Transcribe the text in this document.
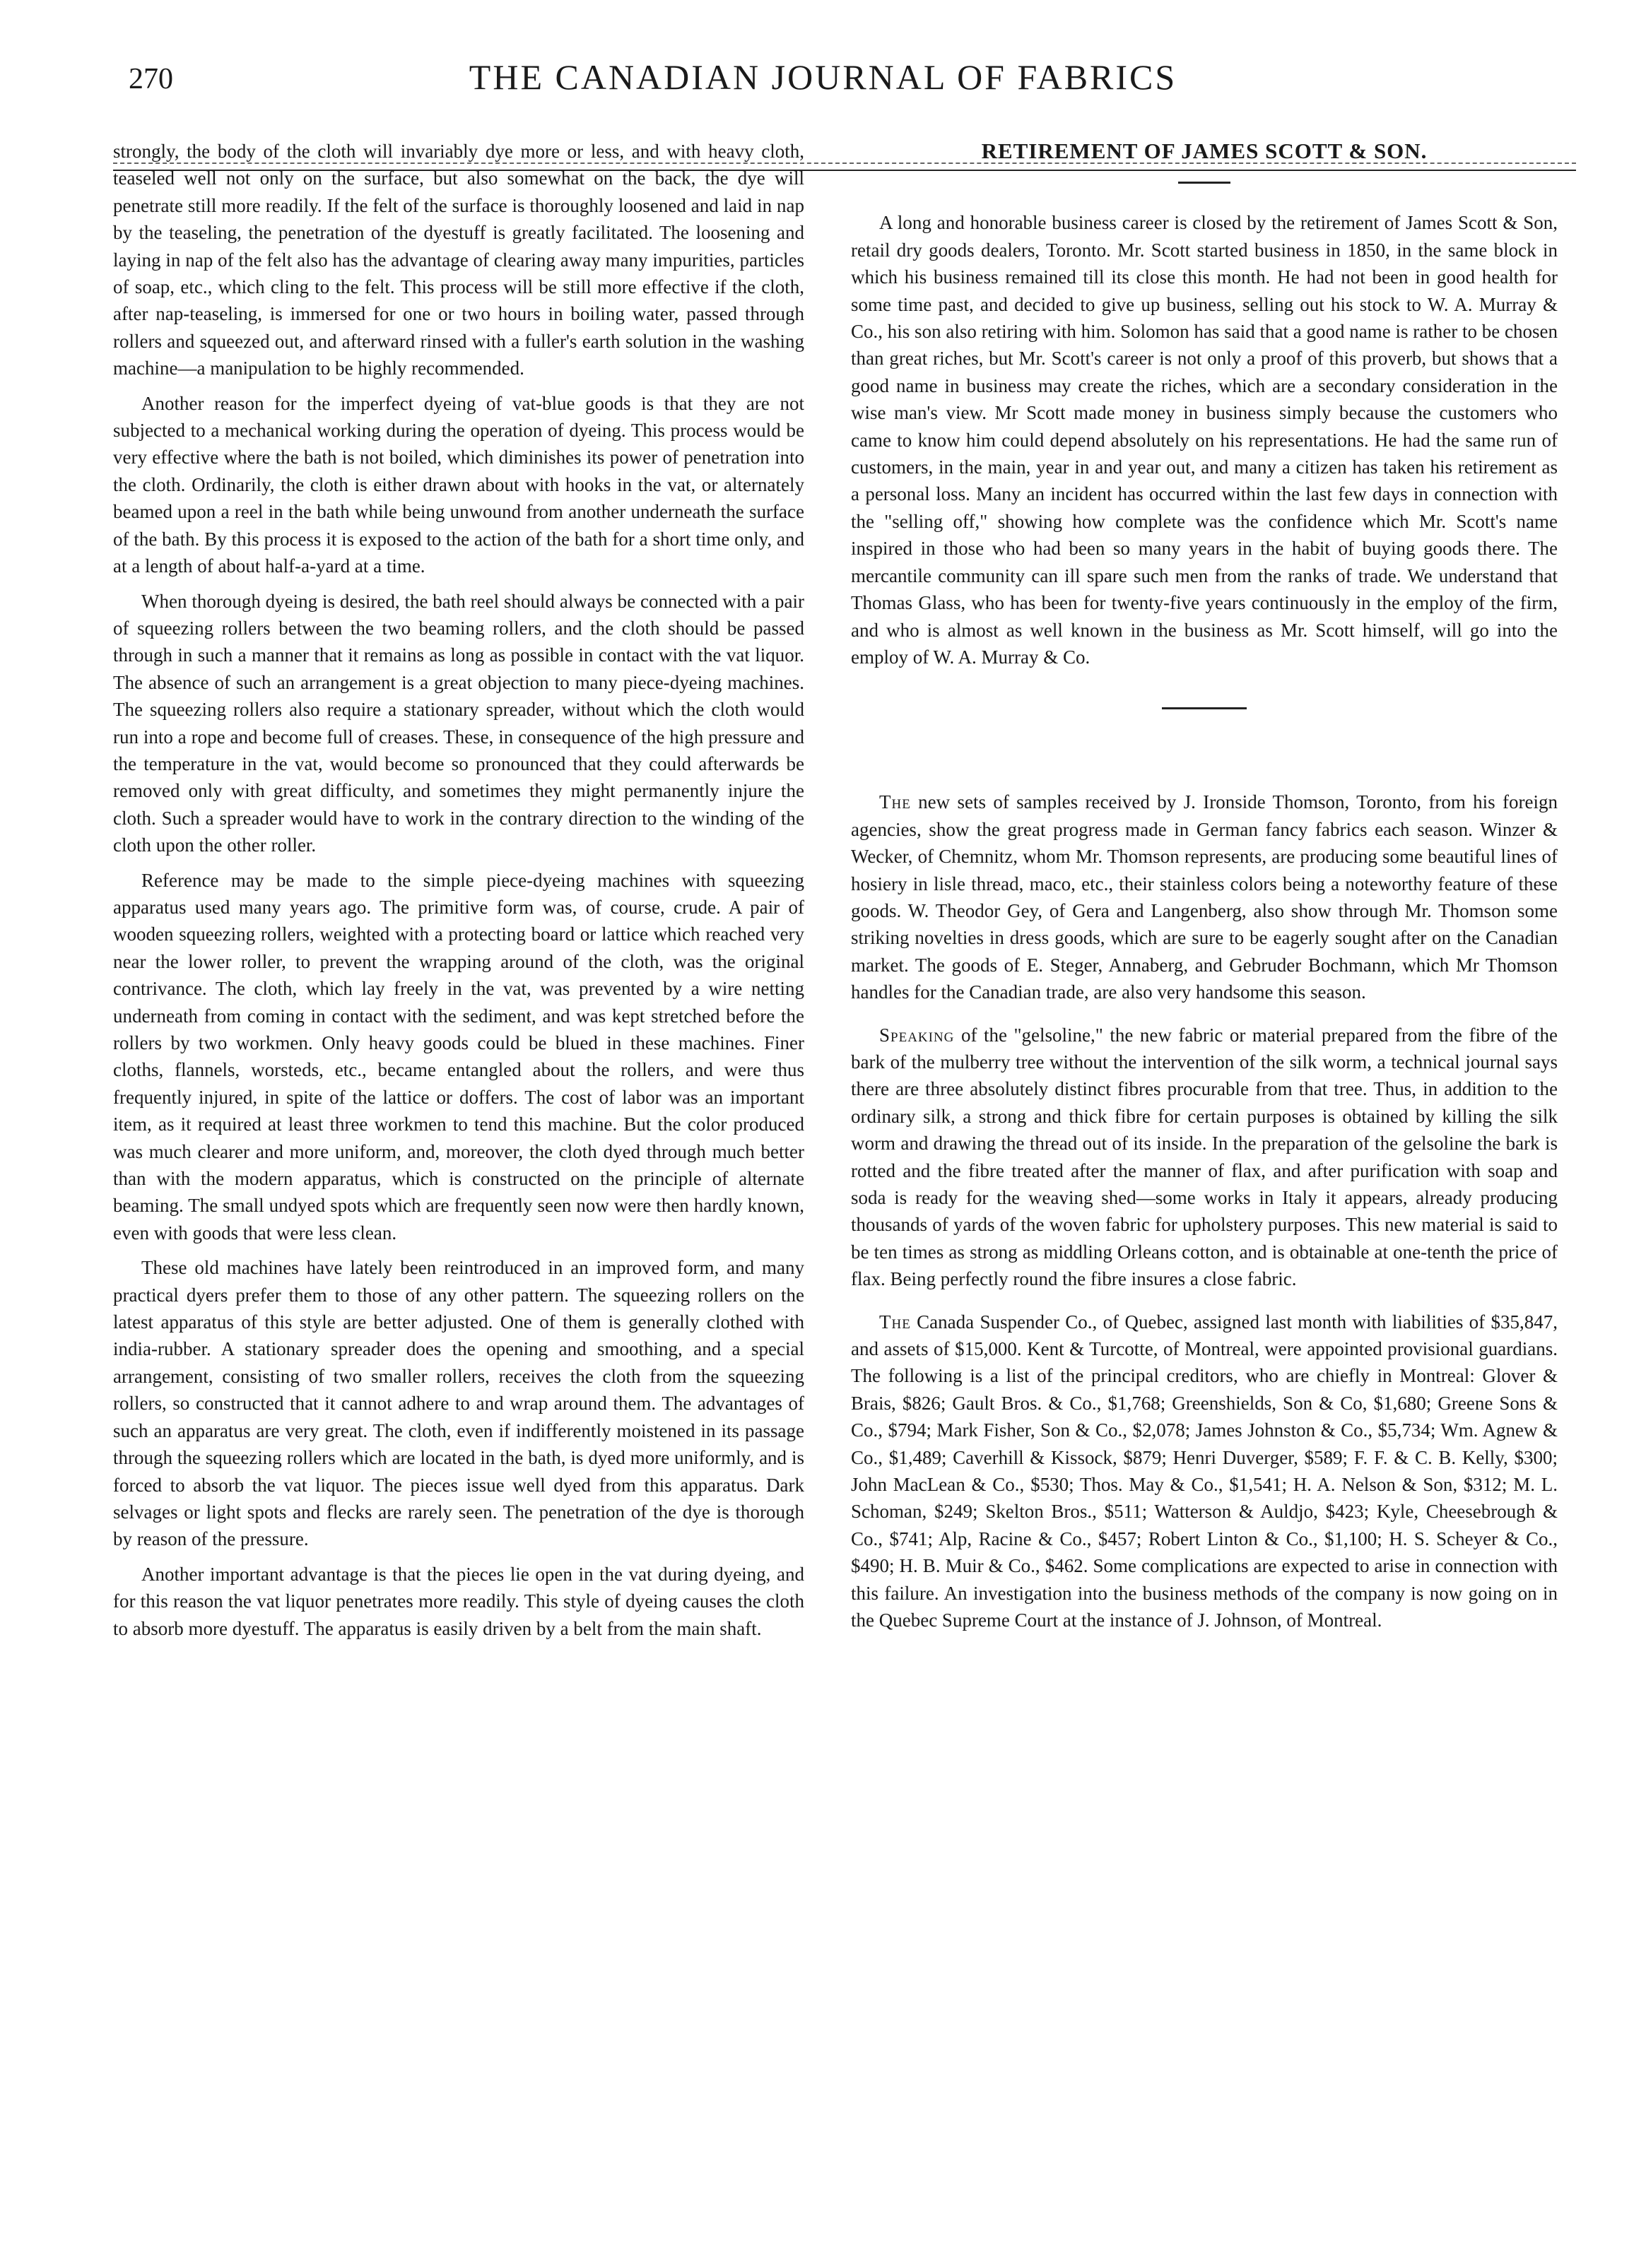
270	THE CANADIAN JOURNAL OF FABRICS

strongly, the body of the cloth will invariably dye more or less, and with heavy cloth, teaseled well not only on the surface, but also somewhat on the back, the dye will penetrate still more readily. If the felt of the surface is thoroughly loosened and laid in nap by the teaseling, the penetration of the dyestuff is greatly facilitated. The loosening and laying in nap of the felt also has the advantage of clearing away many impurities, particles of soap, etc., which cling to the felt. This process will be still more effective if the cloth, after nap-teaseling, is immersed for one or two hours in boiling water, passed through rollers and squeezed out, and afterward rinsed with a fuller's earth solution in the washing machine—a manipulation to be highly recommended.

Another reason for the imperfect dyeing of vat-blue goods is that they are not subjected to a mechanical working during the operation of dyeing. This process would be very effective where the bath is not boiled, which diminishes its power of penetration into the cloth. Ordinarily, the cloth is either drawn about with hooks in the vat, or alternately beamed upon a reel in the bath while being unwound from another underneath the surface of the bath. By this process it is exposed to the action of the bath for a short time only, and at a length of about half-a-yard at a time.

When thorough dyeing is desired, the bath reel should always be connected with a pair of squeezing rollers between the two beaming rollers, and the cloth should be passed through in such a manner that it remains as long as possible in contact with the vat liquor. The absence of such an arrangement is a great objection to many piece-dyeing machines. The squeezing rollers also require a stationary spreader, without which the cloth would run into a rope and become full of creases. These, in consequence of the high pressure and the temperature in the vat, would become so pronounced that they could afterwards be removed only with great difficulty, and sometimes they might permanently injure the cloth. Such a spreader would have to work in the contrary direction to the winding of the cloth upon the other roller.

Reference may be made to the simple piece-dyeing machines with squeezing apparatus used many years ago. The primitive form was, of course, crude. A pair of wooden squeezing rollers, weighted with a protecting board or lattice which reached very near the lower roller, to prevent the wrapping around of the cloth, was the original contrivance. The cloth, which lay freely in the vat, was prevented by a wire netting underneath from coming in contact with the sediment, and was kept stretched before the rollers by two workmen. Only heavy goods could be blued in these machines. Finer cloths, flannels, worsteds, etc., became entangled about the rollers, and were thus frequently injured, in spite of the lattice or doffers. The cost of labor was an important item, as it required at least three workmen to tend this machine. But the color produced was much clearer and more uniform, and, moreover, the cloth dyed through much better than with the modern apparatus, which is constructed on the principle of alternate beaming. The small undyed spots which are frequently seen now were then hardly known, even with goods that were less clean.

These old machines have lately been reintroduced in an improved form, and many practical dyers prefer them to those of any other pattern. The squeezing rollers on the latest apparatus of this style are better adjusted. One of them is generally clothed with india-rubber. A stationary spreader does the opening and smoothing, and a special arrangement, consisting of two smaller rollers, receives the cloth from the squeezing rollers, so constructed that it cannot adhere to and wrap around them. The advantages of such an apparatus are very great. The cloth, even if indifferently moistened in its passage through the squeezing rollers which are located in the bath, is dyed more uniformly, and is forced to absorb the vat liquor. The pieces issue well dyed from this apparatus. Dark selvages or light spots and flecks are rarely seen. The penetration of the dye is thorough by reason of the pressure.

Another important advantage is that the pieces lie open in the vat during dyeing, and for this reason the vat liquor penetrates more readily. This style of dyeing causes the cloth to absorb more dyestuff. The apparatus is easily driven by a belt from the main shaft.

RETIREMENT OF JAMES SCOTT & SON.

A long and honorable business career is closed by the retirement of James Scott & Son, retail dry goods dealers, Toronto. Mr. Scott started business in 1850, in the same block in which his business remained till its close this month. He had not been in good health for some time past, and decided to give up business, selling out his stock to W. A. Murray & Co., his son also retiring with him. Solomon has said that a good name is rather to be chosen than great riches, but Mr. Scott's career is not only a proof of this proverb, but shows that a good name in business may create the riches, which are a secondary consideration in the wise man's view. Mr Scott made money in business simply because the customers who came to know him could depend absolutely on his representations. He had the same run of customers, in the main, year in and year out, and many a citizen has taken his retirement as a personal loss. Many an incident has occurred within the last few days in connection with the "selling off," showing how complete was the confidence which Mr. Scott's name inspired in those who had been so many years in the habit of buying goods there. The mercantile community can ill spare such men from the ranks of trade. We understand that Thomas Glass, who has been for twenty-five years continuously in the employ of the firm, and who is almost as well known in the business as Mr. Scott himself, will go into the employ of W. A. Murray & Co.

The new sets of samples received by J. Ironside Thomson, Toronto, from his foreign agencies, show the great progress made in German fancy fabrics each season. Winzer & Wecker, of Chemnitz, whom Mr. Thomson represents, are producing some beautiful lines of hosiery in lisle thread, maco, etc., their stainless colors being a noteworthy feature of these goods. W. Theodor Gey, of Gera and Langenberg, also show through Mr. Thomson some striking novelties in dress goods, which are sure to be eagerly sought after on the Canadian market. The goods of E. Steger, Annaberg, and Gebruder Bochmann, which Mr Thomson handles for the Canadian trade, are also very handsome this season.

Speaking of the "gelsoline," the new fabric or material prepared from the fibre of the bark of the mulberry tree without the intervention of the silk worm, a technical journal says there are three absolutely distinct fibres procurable from that tree. Thus, in addition to the ordinary silk, a strong and thick fibre for certain purposes is obtained by killing the silk worm and drawing the thread out of its inside. In the preparation of the gelsoline the bark is rotted and the fibre treated after the manner of flax, and after purification with soap and soda is ready for the weaving shed—some works in Italy it appears, already producing thousands of yards of the woven fabric for upholstery purposes. This new material is said to be ten times as strong as middling Orleans cotton, and is obtainable at one-tenth the price of flax. Being perfectly round the fibre insures a close fabric.

The Canada Suspender Co., of Quebec, assigned last month with liabilities of $35,847, and assets of $15,000. Kent & Turcotte, of Montreal, were appointed provisional guardians. The following is a list of the principal creditors, who are chiefly in Montreal: Glover & Brais, $826; Gault Bros. & Co., $1,768; Greenshields, Son & Co, $1,680; Greene Sons & Co., $794; Mark Fisher, Son & Co., $2,078; James Johnston & Co., $5,734; Wm. Agnew & Co., $1,489; Caverhill & Kissock, $879; Henri Duverger, $589; F. F. & C. B. Kelly, $300; John MacLean & Co., $530; Thos. May & Co., $1,541; H. A. Nelson & Son, $312; M. L. Schoman, $249; Skelton Bros., $511; Watterson & Auldjo, $423; Kyle, Cheesebrough & Co., $741; Alp, Racine & Co., $457; Robert Linton & Co., $1,100; H. S. Scheyer & Co., $490; H. B. Muir & Co., $462. Some complications are expected to arise in connection with this failure. An investigation into the business methods of the company is now going on in the Quebec Supreme Court at the instance of J. Johnson, of Montreal.
